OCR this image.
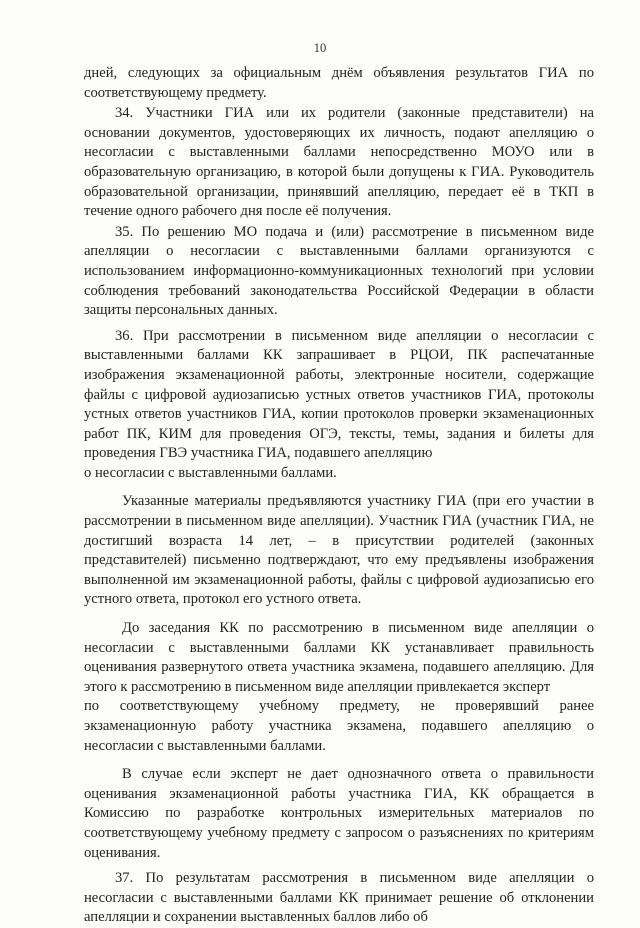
10

дней, следующих за официальным днём объявления результатов ГИА по соответствующему предмету.

34. Участники ГИА или их родители (законные представители) на основании документов, удостоверяющих их личность, подают апелляцию о несогласии с выставленными баллами непосредственно МОУО или в образовательную организацию, в которой были допущены к ГИА. Руководитель образовательной организации, принявший апелляцию, передает её в ТКП в течение одного рабочего дня после её получения.

35. По решению МО подача и (или) рассмотрение в письменном виде апелляции о несогласии с выставленными баллами организуются с использованием информационно-коммуникационных технологий при условии соблюдения требований законодательства Российской Федерации в области защиты персональных данных.

36. При рассмотрении в письменном виде апелляции о несогласии с выставленными баллами КК запрашивает в РЦОИ, ПК распечатанные изображения экзаменационной работы, электронные носители, содержащие файлы с цифровой аудиозаписью устных ответов участников ГИА, протоколы устных ответов участников ГИА, копии протоколов проверки экзаменационных работ ПК, КИМ для проведения ОГЭ, тексты, темы, задания и билеты для проведения ГВЭ участника ГИА, подавшего апелляцию

о несогласии с выставленными баллами.

Указанные материалы предъявляются участнику ГИА (при его участии в рассмотрении в письменном виде апелляции). Участник ГИА (участник ГИА, не достигший возраста 14 лет, – в присутствии родителей (законных представителей) письменно подтверждают, что ему предъявлены изображения выполненной им экзаменационной работы, файлы с цифровой аудиозаписью его устного ответа, протокол его устного ответа.

До заседания КК по рассмотрению в письменном виде апелляции о несогласии с выставленными баллами КК устанавливает правильность оценивания развернутого ответа участника экзамена, подавшего апелляцию. Для этого к рассмотрению в письменном виде апелляции привлекается эксперт

по соответствующему учебному предмету, не проверявший ранее экзаменационную работу участника экзамена, подавшего апелляцию о несогласии с выставленными баллами.

В случае если эксперт не дает однозначного ответа о правильности оценивания экзаменационной работы участника ГИА, КК обращается в Комиссию по разработке контрольных измерительных материалов по соответствующему учебному предмету с запросом о разъяснениях по критериям оценивания.

37. По результатам рассмотрения в письменном виде апелляции о несогласии с выставленными баллами КК принимает решение об отклонении апелляции и сохранении выставленных баллов либо об
